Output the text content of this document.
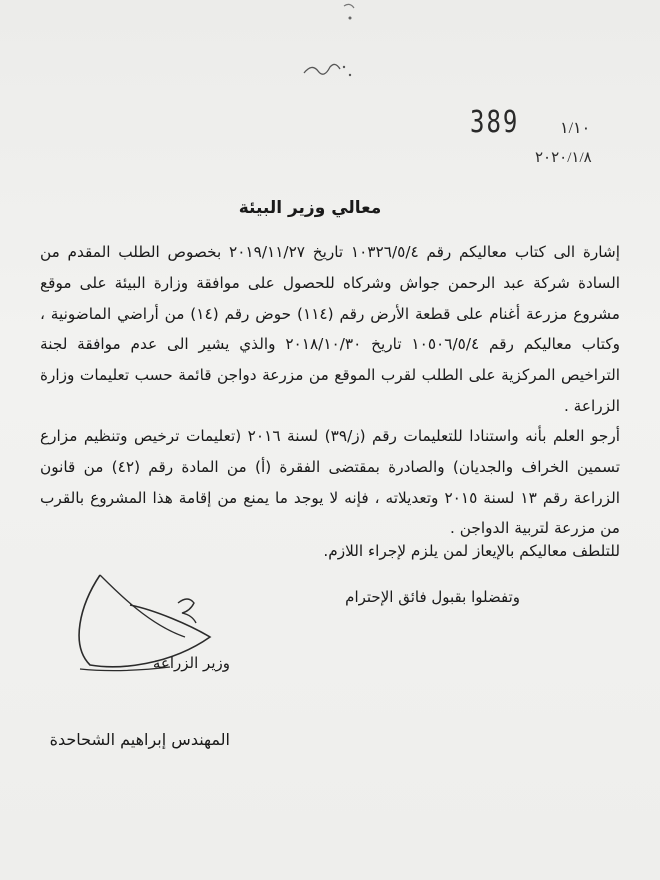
389	١/١٠
٢٠٢٠/١/٨
معالي وزير البيئة
إشارة الى كتاب معاليكم رقم ١٠٣٢٦/٥/٤ تاريخ ٢٠١٩/١١/٢٧ بخصوص الطلب المقدم من السادة شركة عبد الرحمن جواش وشركاه للحصول على موافقة وزارة البيئة على موقع مشروع مزرعة أغنام على قطعة الأرض رقم (١١٤) حوض رقم (١٤) من أراضي الماضونية ، وكتاب معاليكم رقم ١٠٥٠٦/٥/٤ تاريخ ٢٠١٨/١٠/٣٠ والذي يشير الى عدم موافقة لجنة التراخيص المركزية على الطلب لقرب الموقع من مزرعة دواجن قائمة حسب تعليمات وزارة الزراعة .
أرجو العلم بأنه واستنادا للتعليمات رقم (ز/٣٩) لسنة ٢٠١٦ (تعليمات ترخيص وتنظيم مزارع تسمين الخراف والجديان) والصادرة بمقتضى الفقرة (أ) من المادة رقم (٤٢) من قانون الزراعة رقم ١٣ لسنة ٢٠١٥ وتعديلاته ، فإنه لا يوجد ما يمنع من إقامة هذا المشروع بالقرب من مزرعة لتربية الدواجن .
للتلطف معاليكم بالإيعاز لمن يلزم لإجراء اللازم.
وتفضلوا بقبول فائق الإحترام
وزير الزراعة
المهندس إبراهيم الشحاحدة
